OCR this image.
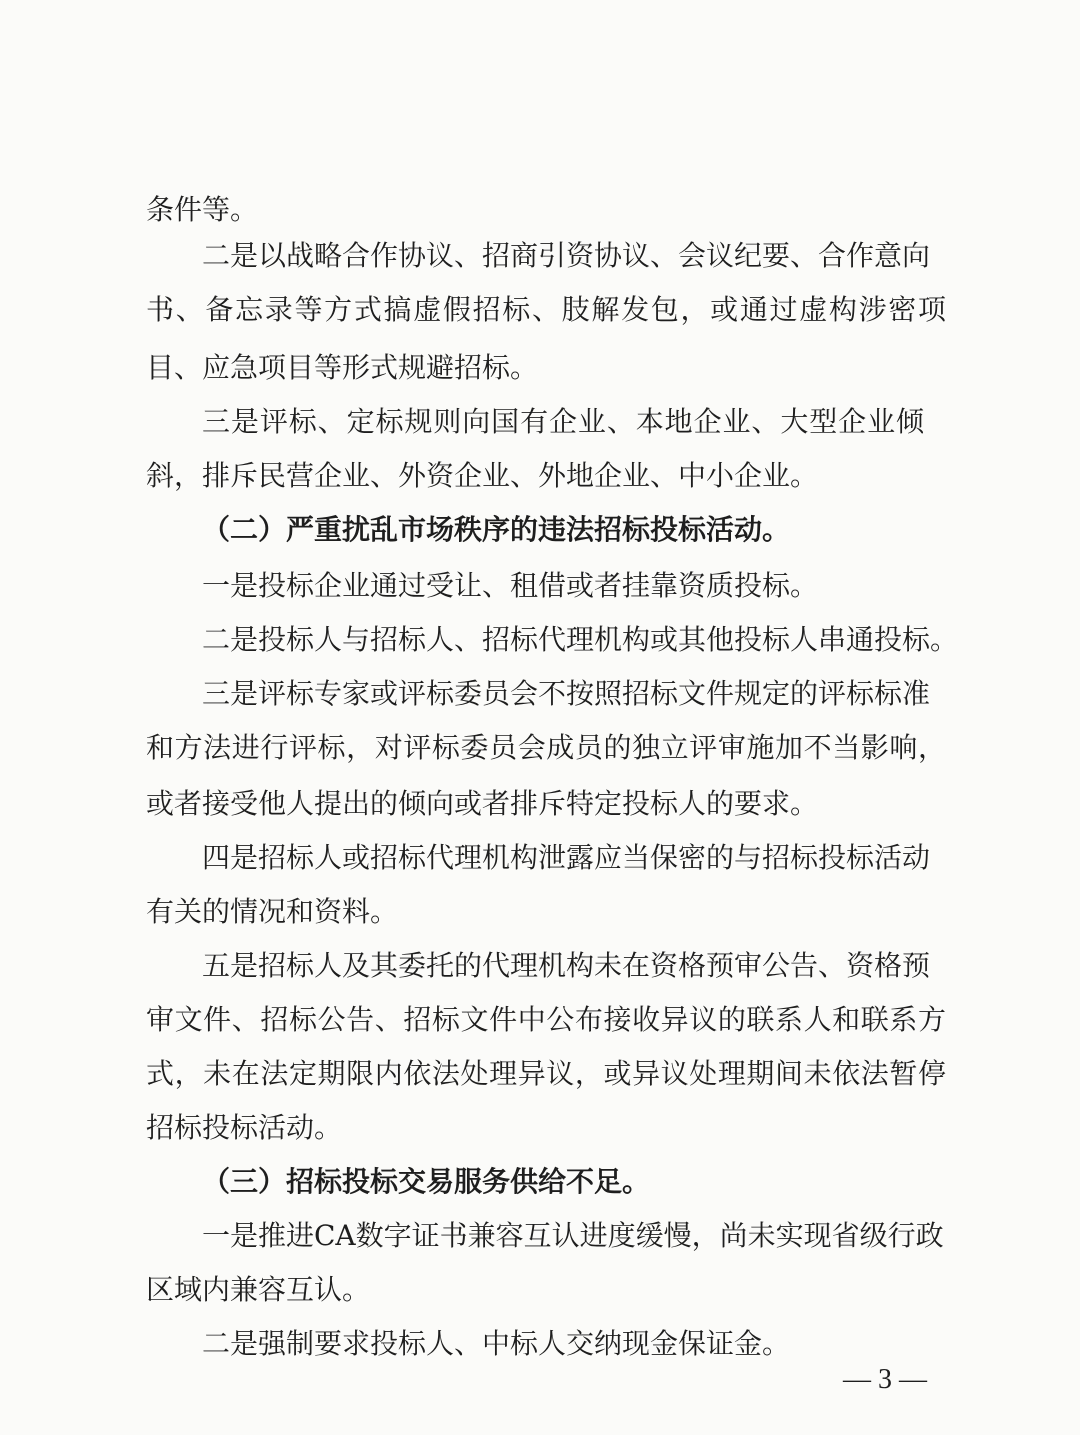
条件等。
二是以战略合作协议、招商引资协议、会议纪要、合作意向
书、备忘录等方式搞虚假招标、肢解发包，或通过虚构涉密项
目、应急项目等形式规避招标。
三是评标、定标规则向国有企业、本地企业、大型企业倾
斜，排斥民营企业、外资企业、外地企业、中小企业。
（二）严重扰乱市场秩序的违法招标投标活动。
一是投标企业通过受让、租借或者挂靠资质投标。
二是投标人与招标人、招标代理机构或其他投标人串通投标。
三是评标专家或评标委员会不按照招标文件规定的评标标准
和方法进行评标，对评标委员会成员的独立评审施加不当影响，
或者接受他人提出的倾向或者排斥特定投标人的要求。
四是招标人或招标代理机构泄露应当保密的与招标投标活动
有关的情况和资料。
五是招标人及其委托的代理机构未在资格预审公告、资格预
审文件、招标公告、招标文件中公布接收异议的联系人和联系方
式，未在法定期限内依法处理异议，或异议处理期间未依法暂停
招标投标活动。
（三）招标投标交易服务供给不足。
一是推进CA数字证书兼容互认进度缓慢，尚未实现省级行政
区域内兼容互认。
二是强制要求投标人、中标人交纳现金保证金。
— 3 —
